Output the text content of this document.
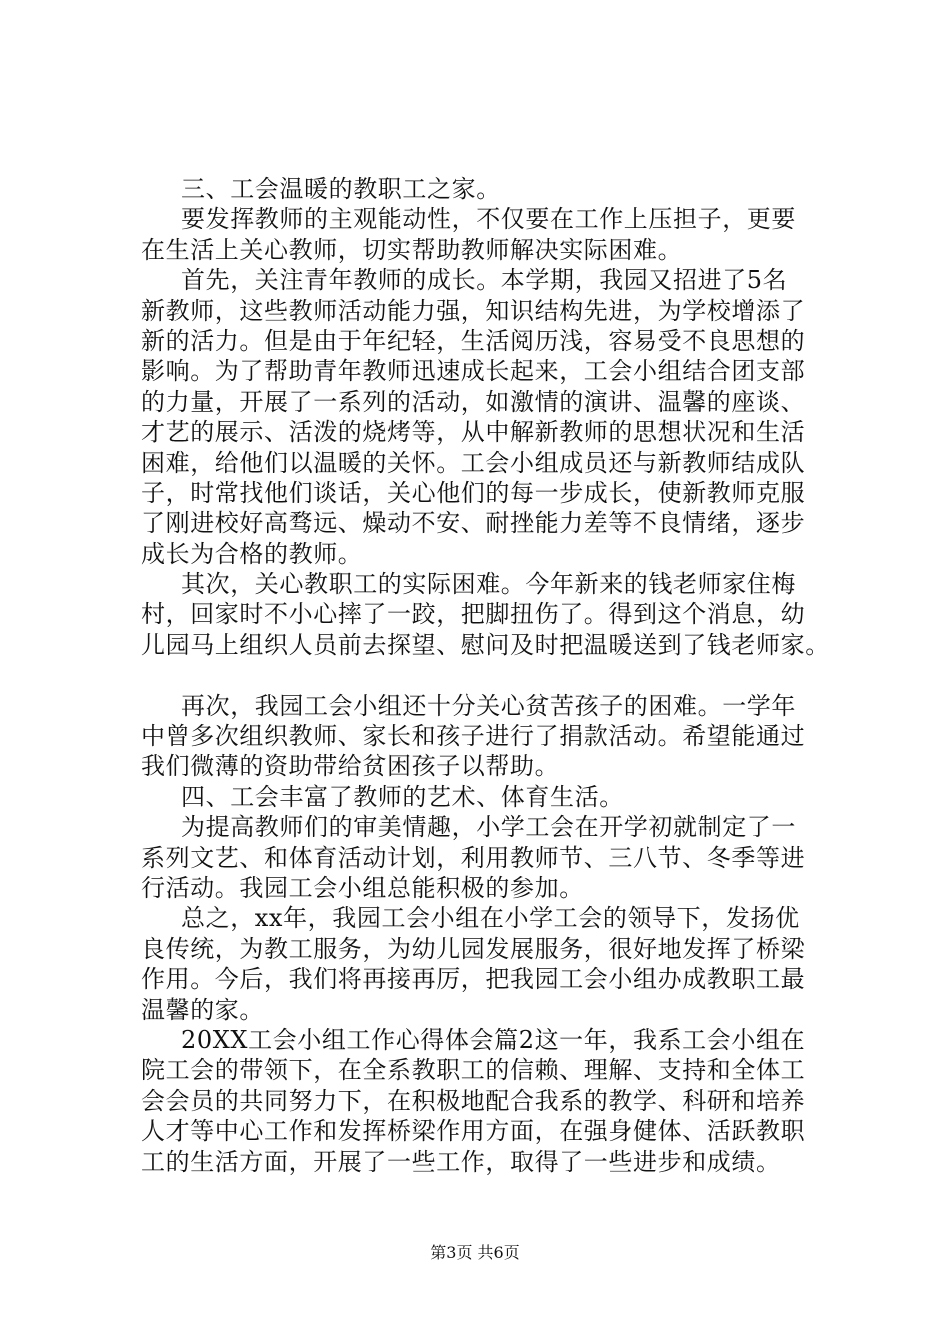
三、工会温暖的教职工之家。
要发挥教师的主观能动性，不仅要在工作上压担子，更要
在生活上关心教师，切实帮助教师解决实际困难。
首先，关注青年教师的成长。本学期，我园又招进了5名
新教师，这些教师活动能力强，知识结构先进，为学校增添了
新的活力。但是由于年纪轻，生活阅历浅，容易受不良思想的
影响。为了帮助青年教师迅速成长起来，工会小组结合团支部
的力量，开展了一系列的活动，如激情的演讲、温馨的座谈、
才艺的展示、活泼的烧烤等，从中解新教师的思想状况和生活
困难，给他们以温暖的关怀。工会小组成员还与新教师结成队
子，时常找他们谈话，关心他们的每一步成长，使新教师克服
了刚进校好高骛远、燥动不安、耐挫能力差等不良情绪，逐步
成长为合格的教师。
其次，关心教职工的实际困难。今年新来的钱老师家住梅
村，回家时不小心摔了一跤，把脚扭伤了。得到这个消息，幼
儿园马上组织人员前去探望、慰问及时把温暖送到了钱老师家。
再次，我园工会小组还十分关心贫苦孩子的困难。一学年
中曾多次组织教师、家长和孩子进行了捐款活动。希望能通过
我们微薄的资助带给贫困孩子以帮助。
四、工会丰富了教师的艺术、体育生活。
为提高教师们的审美情趣，小学工会在开学初就制定了一
系列文艺、和体育活动计划，利用教师节、三八节、冬季等进
行活动。我园工会小组总能积极的参加。
总之，xx年，我园工会小组在小学工会的领导下，发扬优
良传统，为教工服务，为幼儿园发展服务，很好地发挥了桥梁
作用。今后，我们将再接再厉，把我园工会小组办成教职工最
温馨的家。
20XX工会小组工作心得体会篇2这一年，我系工会小组在
院工会的带领下，在全系教职工的信赖、理解、支持和全体工
会会员的共同努力下，在积极地配合我系的教学、科研和培养
人才等中心工作和发挥桥梁作用方面，在强身健体、活跃教职
工的生活方面，开展了一些工作，取得了一些进步和成绩。
第3页 共6页
